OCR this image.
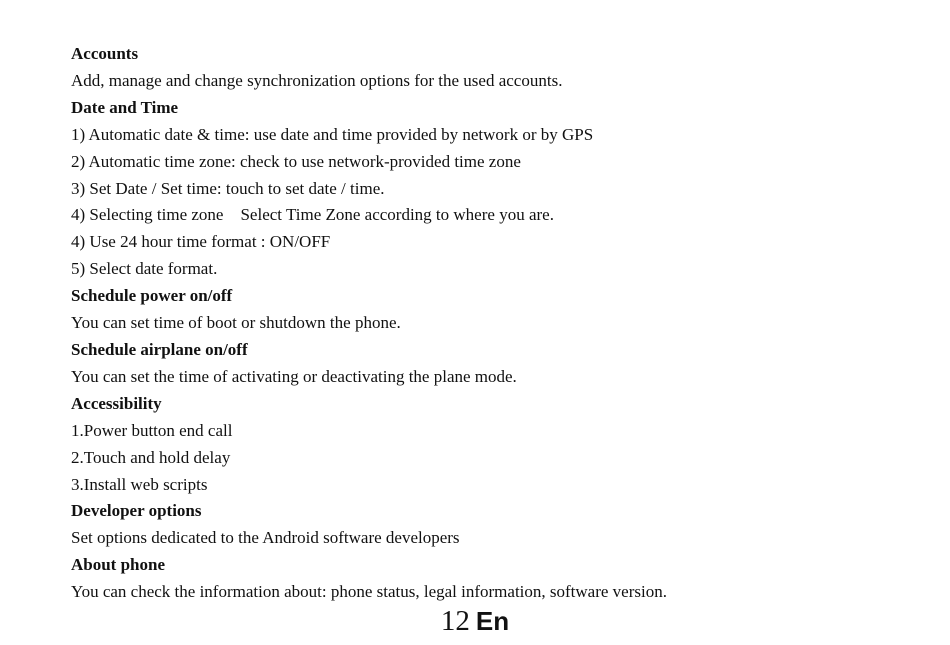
Accounts

Add, manage and change synchronization options for the used accounts.

Date and Time

1) Automatic date & time: use date and time provided by network or by GPS

2) Automatic time zone: check to use network-provided time zone

3) Set Date / Set time: touch to set date / time.

4) Selecting time zone    Select Time Zone according to where you are.

4) Use 24 hour time format : ON/OFF

5) Select date format.

Schedule power on/off

You can set time of boot or shutdown the phone.

Schedule airplane on/off

You can set the time of activating or deactivating the plane mode.

Accessibility

1.Power button end call

2.Touch and hold delay

3.Install web scripts

Developer options

Set options dedicated to the Android software developers

About phone

You can check the information about: phone status, legal information, software version.

12 En
